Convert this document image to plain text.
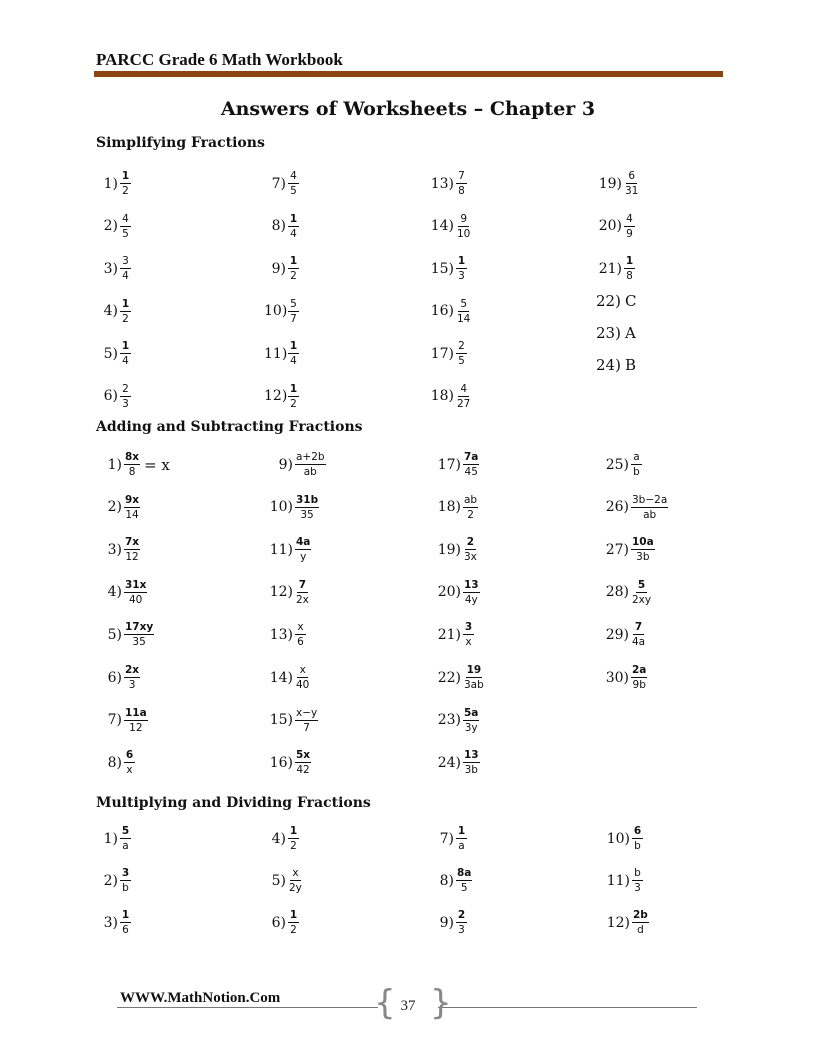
PARCC Grade 6 Math Workbook
Answers of Worksheets – Chapter 3
Simplifying Fractions
$1) \frac{1}{2}$
$2) \frac{4}{5}$
$3) \frac{3}{4}$
$4) \frac{1}{2}$
$5) \frac{1}{4}$
$6) \frac{2}{3}$
$7) \frac{4}{5}$
$8) \frac{1}{4}$
$9) \frac{1}{2}$
$10) \frac{5}{7}$
$11) \frac{1}{4}$
$12) \frac{1}{2}$
$13) \frac{7}{8}$
$14) \frac{9}{10}$
$15) \frac{1}{3}$
$16) \frac{5}{14}$
$17) \frac{2}{5}$
$18) \frac{4}{27}$
$19) \frac{6}{31}$
$20) \frac{4}{9}$
$21) \frac{1}{8}$
22) C
23) A
24) B
Adding and Subtracting Fractions
$1) \frac{8x}{8} = x$
$2) \frac{9x}{14}$
$3) \frac{7x}{12}$
$4) \frac{31x}{40}$
$5) \frac{17xy}{35}$
$6) \frac{2x}{3}$
$7) \frac{11a}{12}$
$8) \frac{6}{x}$
$9) \frac{a+2b}{ab}$
$10) \frac{31b}{35}$
$11) \frac{4a}{y}$
$12) \frac{7}{2x}$
$13) \frac{x}{6}$
$14) \frac{x}{40}$
$15) \frac{x-y}{7}$
$16) \frac{5x}{42}$
$17) \frac{7a}{45}$
$18) \frac{ab}{2}$
$19) \frac{2}{3x}$
$20) \frac{13}{4y}$
$21) \frac{3}{x}$
$22) \frac{19}{3ab}$
$23) \frac{5a}{3y}$
$24) \frac{13}{3b}$
$25) \frac{a}{b}$
$26) \frac{3b-2a}{ab}$
$27) \frac{10a}{3b}$
$28) \frac{5}{2xy}$
$29) \frac{7}{4a}$
$30) \frac{2a}{9b}$
Multiplying and Dividing Fractions
$1) \frac{5}{a}$
$2) \frac{3}{b}$
$3) \frac{1}{6}$
$4) \frac{1}{2}$
$5) \frac{x}{2y}$
$6) \frac{1}{2}$
$7) \frac{1}{a}$
$8) \frac{8a}{5}$
$9) \frac{2}{3}$
$10) \frac{6}{b}$
$11) \frac{b}{3}$
$12) \frac{2b}{d}$
WWW.MathNotion.Com	{ }
37
